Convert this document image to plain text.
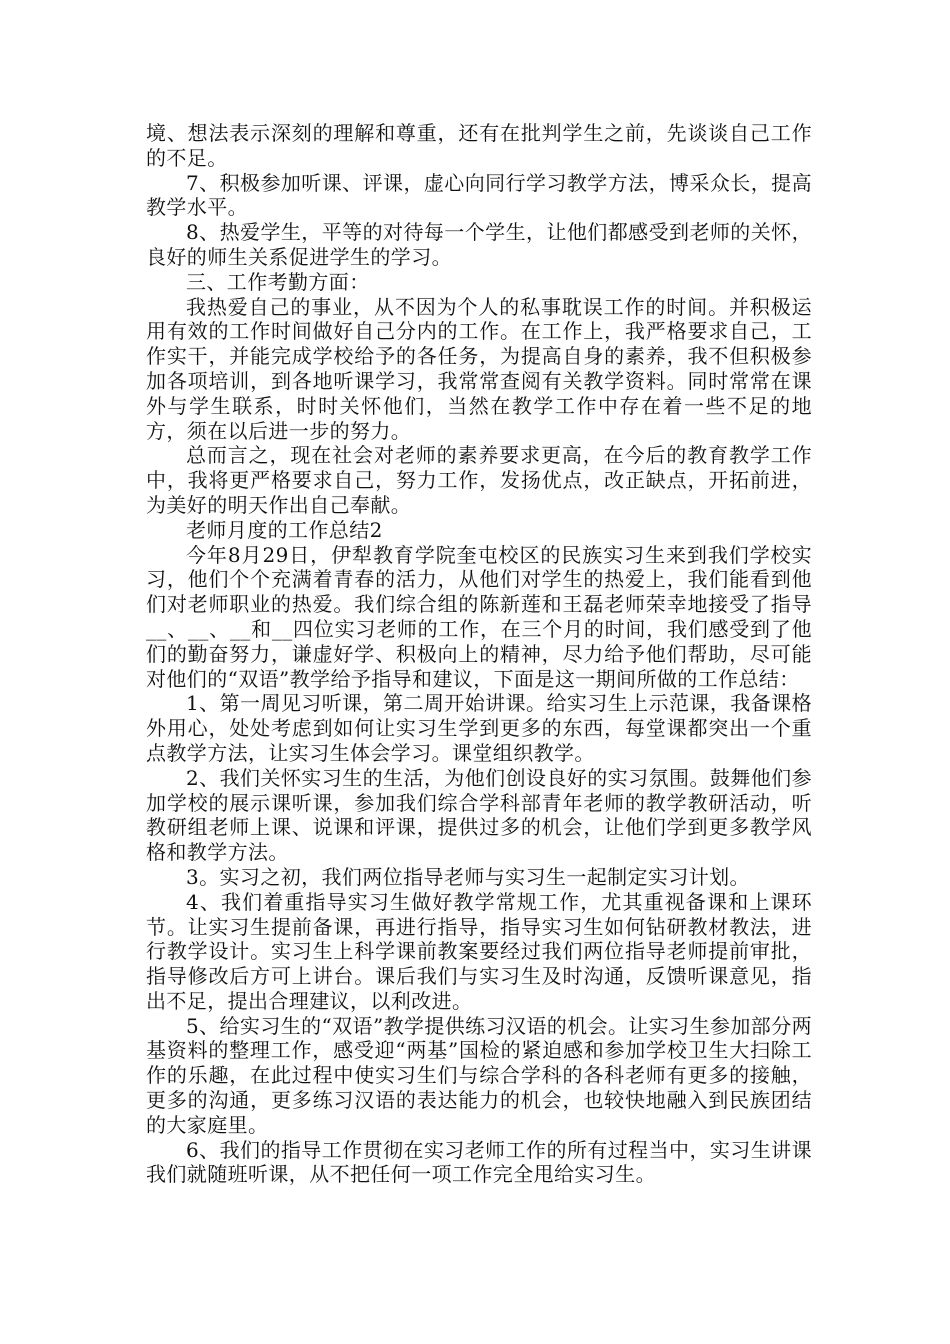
境、想法表示深刻的理解和尊重，还有在批判学生之前，先谈谈自己工作的不足。

7、积极参加听课、评课，虚心向同行学习教学方法，博采众长，提高教学水平。

8、热爱学生，平等的对待每一个学生，让他们都感受到老师的关怀，良好的师生关系促进学生的学习。

三、工作考勤方面：

我热爱自己的事业，从不因为个人的私事耽误工作的时间。并积极运用有效的工作时间做好自己分内的工作。在工作上，我严格要求自己，工作实干，并能完成学校给予的各任务，为提高自身的素养，我不但积极参加各项培训，到各地听课学习，我常常查阅有关教学资料。同时常常在课外与学生联系，时时关怀他们，当然在教学工作中存在着一些不足的地方，须在以后进一步的努力。

总而言之，现在社会对老师的素养要求更高，在今后的教育教学工作中，我将更严格要求自己，努力工作，发扬优点，改正缺点，开拓前进，为美好的明天作出自己奉献。

老师月度的工作总结2

今年8月29日，伊犁教育学院奎屯校区的民族实习生来到我们学校实习，他们个个充满着青春的活力，从他们对学生的热爱上，我们能看到他们对老师职业的热爱。我们综合组的陈新莲和王磊老师荣幸地接受了指导__、__、__和__四位实习老师的工作，在三个月的时间，我们感受到了他们的勤奋努力，谦虚好学、积极向上的精神，尽力给予他们帮助，尽可能对他们的“双语”教学给予指导和建议，下面是这一期间所做的工作总结：

1、第一周见习听课，第二周开始讲课。给实习生上示范课，我备课格外用心，处处考虑到如何让实习生学到更多的东西，每堂课都突出一个重点教学方法，让实习生体会学习。课堂组织教学。

2、我们关怀实习生的生活，为他们创设良好的实习氛围。鼓舞他们参加学校的展示课听课，参加我们综合学科部青年老师的教学教研活动，听教研组老师上课、说课和评课，提供过多的机会，让他们学到更多教学风格和教学方法。

3。实习之初，我们两位指导老师与实习生一起制定实习计划。

4、我们着重指导实习生做好教学常规工作，尤其重视备课和上课环节。让实习生提前备课，再进行指导，指导实习生如何钻研教材教法，进行教学设计。实习生上科学课前教案要经过我们两位指导老师提前审批，指导修改后方可上讲台。课后我们与实习生及时沟通，反馈听课意见，指出不足，提出合理建议，以利改进。

5、给实习生的“双语”教学提供练习汉语的机会。让实习生参加部分两基资料的整理工作，感受迎“两基”国检的紧迫感和参加学校卫生大扫除工作的乐趣，在此过程中使实习生们与综合学科的各科老师有更多的接触，更多的沟通，更多练习汉语的表达能力的机会，也较快地融入到民族团结的大家庭里。

6、我们的指导工作贯彻在实习老师工作的所有过程当中，实习生讲课我们就随班听课，从不把任何一项工作完全甩给实习生。
